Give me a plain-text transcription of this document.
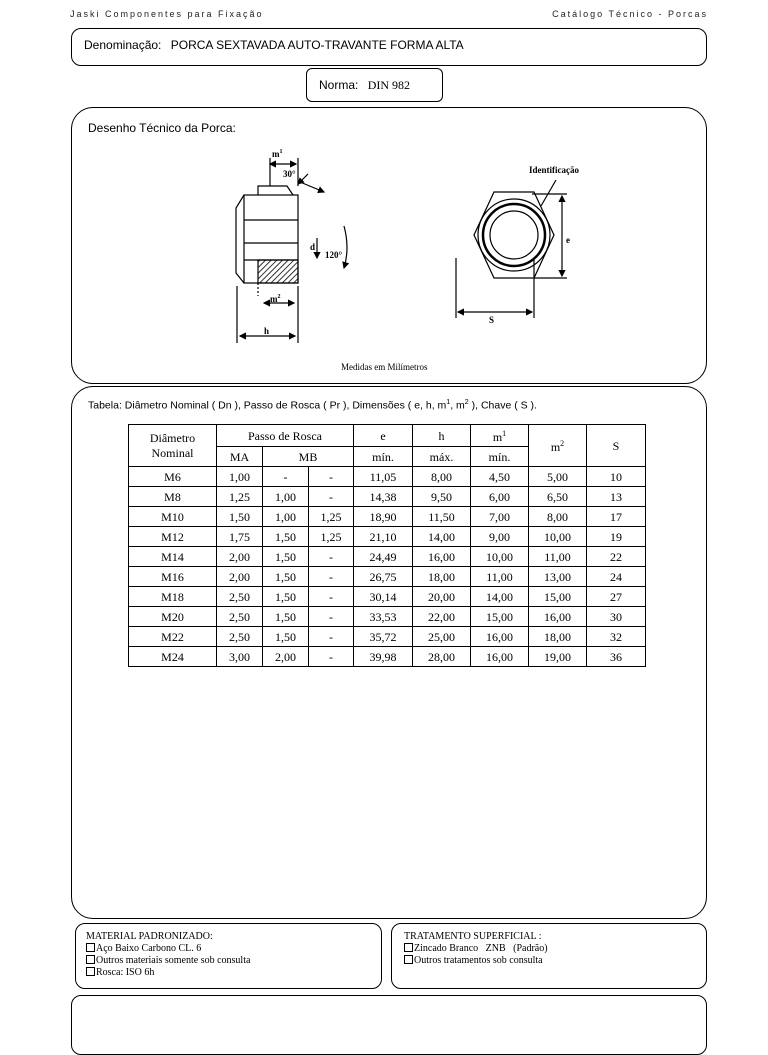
Jaski Componentes para Fixação	Catálogo Técnico - Porcas
Denominação: PORCA SEXTAVADA AUTO-TRAVANTE FORMA ALTA
Norma: DIN 982
Desenho Técnico da Porca:
$m^1$
30°
d
120°
$m^2$
h
Identificação
e
S
Medidas em Milímetros
Tabela: Diâmetro Nominal ( Dn ), Passo de Rosca ( Pr ), Dimensões ( e, h, $m^1$, $m^2$ ), Chave ( S ).
Diâmetro
Nominal	Passo de Rosca			e	h	$m^1$	$m^2$	S
	MA	MB		mín.	máx.	mín.		
M6	1,00	-	-	11,05	8,00	4,50	5,00	10
M8	1,25	1,00	-	14,38	9,50	6,00	6,50	13
M10	1,50	1,00	1,25	18,90	11,50	7,00	8,00	17
M12	1,75	1,50	1,25	21,10	14,00	9,00	10,00	19
M14	2,00	1,50	-	24,49	16,00	10,00	11,00	22
M16	2,00	1,50	-	26,75	18,00	11,00	13,00	24
M18	2,50	1,50	-	30,14	20,00	14,00	15,00	27
M20	2,50	1,50	-	33,53	22,00	15,00	16,00	30
M22	2,50	1,50	-	35,72	25,00	16,00	18,00	32
M24	3,00	2,00	-	39,98	28,00	16,00	19,00	36
MATERIAL PADRONIZADO:
Aço Baixo Carbono CL. 6
Outros materiais somente sob consulta
Rosca: ISO 6h
TRATAMENTO SUPERFICIAL :
Zincado Branco   ZNB   (Padrão)
Outros tratamentos sob consulta
